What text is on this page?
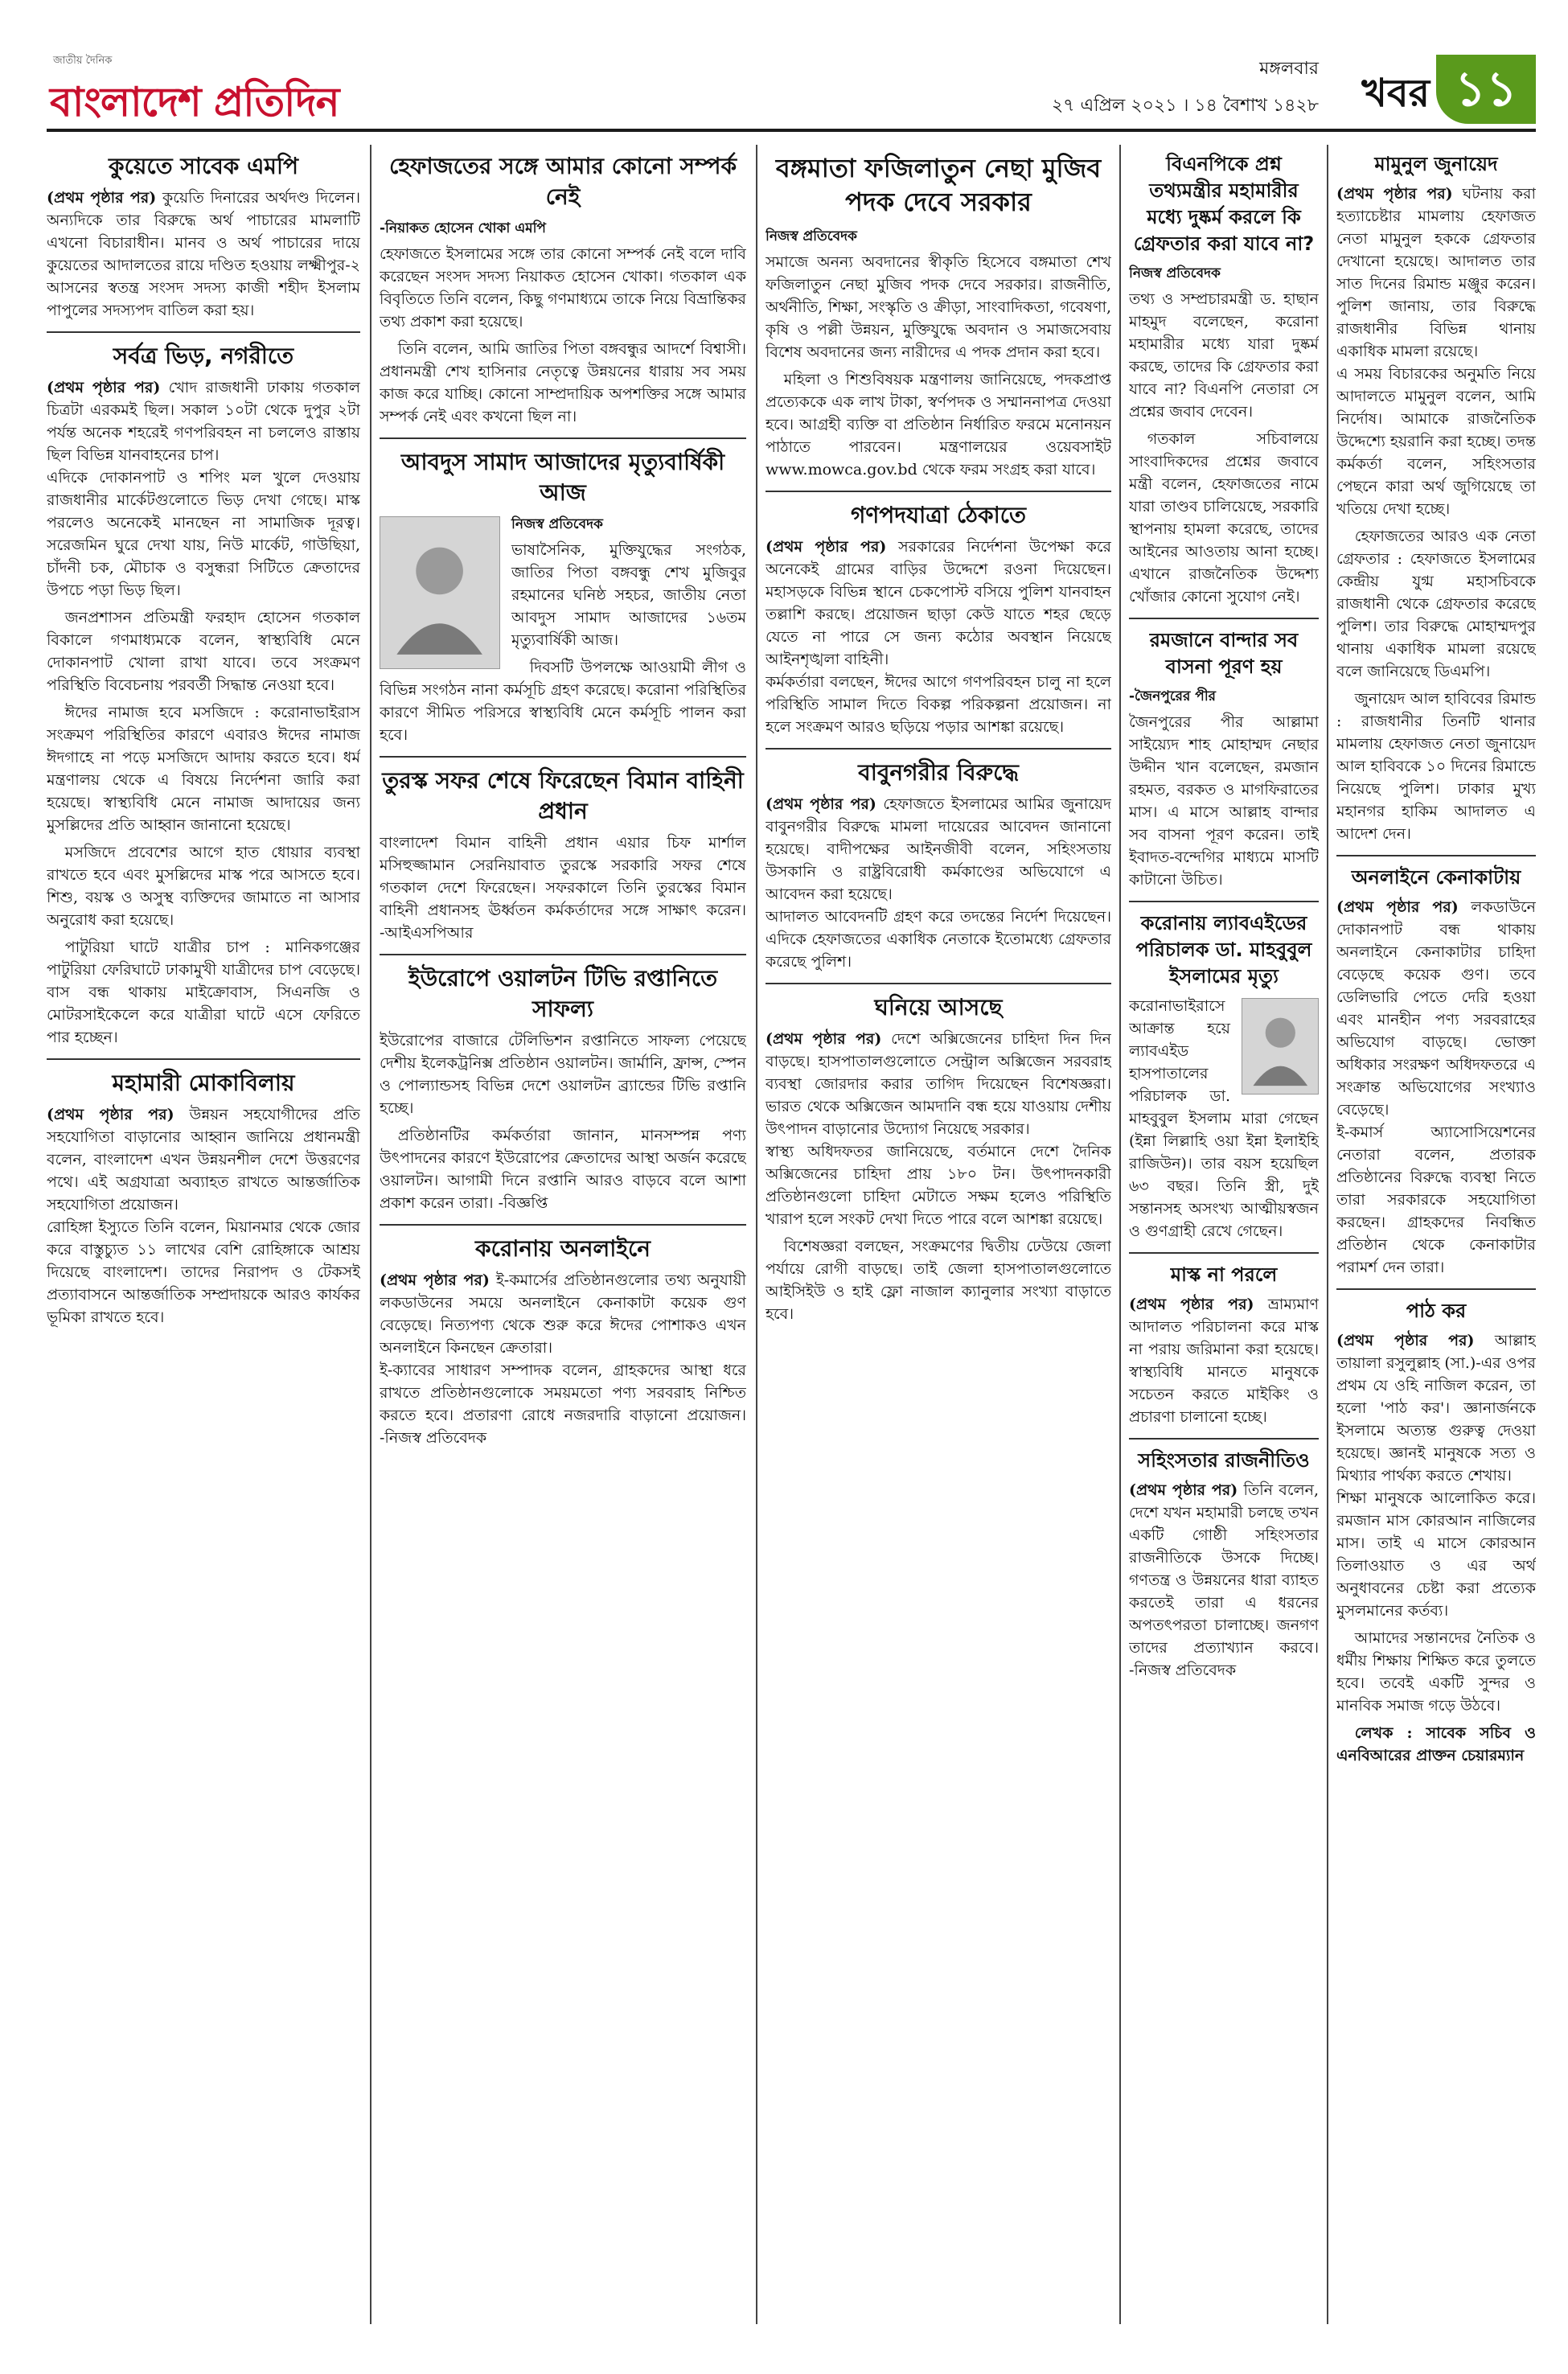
জাতীয় দৈনিক
বাংলাদেশ প্রতিদিন
মঙ্গলবার
২৭ এপ্রিল ২০২১ । ১৪ বৈশাখ ১৪২৮ খবর ১১
কুয়েতে সাবেক এমপি
(প্রথম পৃষ্ঠার পর) কুয়েতি দিনারের অর্থদণ্ড দিলেন। অন্যদিকে তার বিরুদ্ধে অর্থ পাচারের মামলাটি এখনো বিচারাধীন। মানব ও অর্থ পাচারের দায়ে কুয়েতের আদালতের রায়ে দণ্ডিত হওয়ায় লক্ষ্মীপুর-২ আসনের স্বতন্ত্র সংসদ সদস্য কাজী শহীদ ইসলাম পাপুলের সদস্যপদ বাতিল করা হয়।
সর্বত্র ভিড়, নগরীতে
(প্রথম পৃষ্ঠার পর) খোদ রাজধানী ঢাকায় গতকাল চিত্রটা এরকমই ছিল। সকাল ১০টা থেকে দুপুর ২টা পর্যন্ত অনেক শহরেই গণপরিবহন না চললেও রাস্তায় ছিল বিভিন্ন যানবাহনের চাপ।
এদিকে দোকানপাট ও শপিং মল খুলে দেওয়ায় রাজধানীর মার্কেটগুলোতে ভিড় দেখা গেছে। মাস্ক পরলেও অনেকেই মানছেন না সামাজিক দূরত্ব। সরেজমিন ঘুরে দেখা যায়, নিউ মার্কেট, গাউছিয়া, চাঁদনী চক, মৌচাক ও বসুন্ধরা সিটিতে ক্রেতাদের উপচে পড়া ভিড় ছিল।
জনপ্রশাসন প্রতিমন্ত্রী ফরহাদ হোসেন গতকাল বিকালে গণমাধ্যমকে বলেন, স্বাস্থ্যবিধি মেনে দোকানপাট খোলা রাখা যাবে। তবে সংক্রমণ পরিস্থিতি বিবেচনায় পরবর্তী সিদ্ধান্ত নেওয়া হবে।
ঈদের নামাজ হবে মসজিদে : করোনাভাইরাস সংক্রমণ পরিস্থিতির কারণে এবারও ঈদের নামাজ ঈদগাহে না পড়ে মসজিদে আদায় করতে হবে। ধর্ম মন্ত্রণালয় থেকে এ বিষয়ে নির্দেশনা জারি করা হয়েছে। স্বাস্থ্যবিধি মেনে নামাজ আদায়ের জন্য মুসল্লিদের প্রতি আহ্বান জানানো হয়েছে।
মসজিদে প্রবেশের আগে হাত ধোয়ার ব্যবস্থা রাখতে হবে এবং মুসল্লিদের মাস্ক পরে আসতে হবে। শিশু, বয়স্ক ও অসুস্থ ব্যক্তিদের জামাতে না আসার অনুরোধ করা হয়েছে।
পাটুরিয়া ঘাটে যাত্রীর চাপ : মানিকগঞ্জের পাটুরিয়া ফেরিঘাটে ঢাকামুখী যাত্রীদের চাপ বেড়েছে। বাস বন্ধ থাকায় মাইক্রোবাস, সিএনজি ও মোটরসাইকেলে করে যাত্রীরা ঘাটে এসে ফেরিতে পার হচ্ছেন।
মহামারী মোকাবিলায়
(প্রথম পৃষ্ঠার পর) উন্নয়ন সহযোগীদের প্রতি সহযোগিতা বাড়ানোর আহ্বান জানিয়ে প্রধানমন্ত্রী বলেন, বাংলাদেশ এখন উন্নয়নশীল দেশে উত্তরণের পথে। এই অগ্রযাত্রা অব্যাহত রাখতে আন্তর্জাতিক সহযোগিতা প্রয়োজন।
রোহিঙ্গা ইস্যুতে তিনি বলেন, মিয়ানমার থেকে জোর করে বাস্তুচ্যুত ১১ লাখের বেশি রোহিঙ্গাকে আশ্রয় দিয়েছে বাংলাদেশ। তাদের নিরাপদ ও টেকসই প্রত্যাবাসনে আন্তর্জাতিক সম্প্রদায়কে আরও কার্যকর ভূমিকা রাখতে হবে।
হেফাজতের সঙ্গে আমার কোনো সম্পর্ক নেই
-নিয়াকত হোসেন খোকা এমপি
হেফাজতে ইসলামের সঙ্গে তার কোনো সম্পর্ক নেই বলে দাবি করেছেন সংসদ সদস্য নিয়াকত হোসেন খোকা। গতকাল এক বিবৃতিতে তিনি বলেন, কিছু গণমাধ্যমে তাকে নিয়ে বিভ্রান্তিকর তথ্য প্রকাশ করা হয়েছে।
তিনি বলেন, আমি জাতির পিতা বঙ্গবন্ধুর আদর্শে বিশ্বাসী। প্রধানমন্ত্রী শেখ হাসিনার নেতৃত্বে উন্নয়নের ধারায় সব সময় কাজ করে যাচ্ছি। কোনো সাম্প্রদায়িক অপশক্তির সঙ্গে আমার সম্পর্ক নেই এবং কখনো ছিল না।
আবদুস সামাদ আজাদের মৃত্যুবার্ষিকী আজ
নিজস্ব প্রতিবেদক
ভাষাসৈনিক, মুক্তিযুদ্ধের সংগঠক, জাতির পিতা বঙ্গবন্ধু শেখ মুজিবুর রহমানের ঘনিষ্ঠ সহচর, জাতীয় নেতা আবদুস সামাদ আজাদের ১৬তম মৃত্যুবার্ষিকী আজ।
দিবসটি উপলক্ষে আওয়ামী লীগ ও বিভিন্ন সংগঠন নানা কর্মসূচি গ্রহণ করেছে। করোনা পরিস্থিতির কারণে সীমিত পরিসরে স্বাস্থ্যবিধি মেনে কর্মসূচি পালন করা হবে।
তুরস্ক সফর শেষে ফিরেছেন বিমান বাহিনী প্রধান
বাংলাদেশ বিমান বাহিনী প্রধান এয়ার চিফ মার্শাল মসিহুজ্জামান সেরনিয়াবাত তুরস্কে সরকারি সফর শেষে গতকাল দেশে ফিরেছেন। সফরকালে তিনি তুরস্কের বিমান বাহিনী প্রধানসহ ঊর্ধ্বতন কর্মকর্তাদের সঙ্গে সাক্ষাৎ করেন। -আইএসপিআর
ইউরোপে ওয়ালটন টিভি রপ্তানিতে সাফল্য
ইউরোপের বাজারে টেলিভিশন রপ্তানিতে সাফল্য পেয়েছে দেশীয় ইলেকট্রনিক্স প্রতিষ্ঠান ওয়ালটন। জার্মানি, ফ্রান্স, স্পেন ও পোল্যান্ডসহ বিভিন্ন দেশে ওয়ালটন ব্র্যান্ডের টিভি রপ্তানি হচ্ছে।
প্রতিষ্ঠানটির কর্মকর্তারা জানান, মানসম্পন্ন পণ্য উৎপাদনের কারণে ইউরোপের ক্রেতাদের আস্থা অর্জন করেছে ওয়ালটন। আগামী দিনে রপ্তানি আরও বাড়বে বলে আশা প্রকাশ করেন তারা। -বিজ্ঞপ্তি
করোনায় অনলাইনে
(প্রথম পৃষ্ঠার পর) ই-কমার্সের প্রতিষ্ঠানগুলোর তথ্য অনুযায়ী লকডাউনের সময়ে অনলাইনে কেনাকাটা কয়েক গুণ বেড়েছে। নিত্যপণ্য থেকে শুরু করে ঈদের পোশাকও এখন অনলাইনে কিনছেন ক্রেতারা।
ই-ক্যাবের সাধারণ সম্পাদক বলেন, গ্রাহকদের আস্থা ধরে রাখতে প্রতিষ্ঠানগুলোকে সময়মতো পণ্য সরবরাহ নিশ্চিত করতে হবে। প্রতারণা রোধে নজরদারি বাড়ানো প্রয়োজন। -নিজস্ব প্রতিবেদক
বঙ্গমাতা ফজিলাতুন নেছা মুজিব পদক দেবে সরকার
নিজস্ব প্রতিবেদক
সমাজে অনন্য অবদানের স্বীকৃতি হিসেবে বঙ্গমাতা শেখ ফজিলাতুন নেছা মুজিব পদক দেবে সরকার। রাজনীতি, অর্থনীতি, শিক্ষা, সংস্কৃতি ও ক্রীড়া, সাংবাদিকতা, গবেষণা, কৃষি ও পল্লী উন্নয়ন, মুক্তিযুদ্ধে অবদান ও সমাজসেবায় বিশেষ অবদানের জন্য নারীদের এ পদক প্রদান করা হবে।
মহিলা ও শিশুবিষয়ক মন্ত্রণালয় জানিয়েছে, পদকপ্রাপ্ত প্রত্যেককে এক লাখ টাকা, স্বর্ণপদক ও সম্মাননাপত্র দেওয়া হবে। আগ্রহী ব্যক্তি বা প্রতিষ্ঠান নির্ধারিত ফরমে মনোনয়ন পাঠাতে পারবেন। মন্ত্রণালয়ের ওয়েবসাইট www.mowca.gov.bd থেকে ফরম সংগ্রহ করা যাবে।
গণপদযাত্রা ঠেকাতে
(প্রথম পৃষ্ঠার পর) সরকারের নির্দেশনা উপেক্ষা করে অনেকেই গ্রামের বাড়ির উদ্দেশে রওনা দিয়েছেন। মহাসড়কে বিভিন্ন স্থানে চেকপোস্ট বসিয়ে পুলিশ যানবাহন তল্লাশি করছে। প্রয়োজন ছাড়া কেউ যাতে শহর ছেড়ে যেতে না পারে সে জন্য কঠোর অবস্থান নিয়েছে আইনশৃঙ্খলা বাহিনী।
কর্মকর্তারা বলছেন, ঈদের আগে গণপরিবহন চালু না হলে পরিস্থিতি সামাল দিতে বিকল্প পরিকল্পনা প্রয়োজন। না হলে সংক্রমণ আরও ছড়িয়ে পড়ার আশঙ্কা রয়েছে।
বাবুনগরীর বিরুদ্ধে
(প্রথম পৃষ্ঠার পর) হেফাজতে ইসলামের আমির জুনায়েদ বাবুনগরীর বিরুদ্ধে মামলা দায়েরের আবেদন জানানো হয়েছে। বাদীপক্ষের আইনজীবী বলেন, সহিংসতায় উসকানি ও রাষ্ট্রবিরোধী কর্মকাণ্ডের অভিযোগে এ আবেদন করা হয়েছে।
আদালত আবেদনটি গ্রহণ করে তদন্তের নির্দেশ দিয়েছেন। এদিকে হেফাজতের একাধিক নেতাকে ইতোমধ্যে গ্রেফতার করেছে পুলিশ।
ঘনিয়ে আসছে
(প্রথম পৃষ্ঠার পর) দেশে অক্সিজেনের চাহিদা দিন দিন বাড়ছে। হাসপাতালগুলোতে সেন্ট্রাল অক্সিজেন সরবরাহ ব্যবস্থা জোরদার করার তাগিদ দিয়েছেন বিশেষজ্ঞরা। ভারত থেকে অক্সিজেন আমদানি বন্ধ হয়ে যাওয়ায় দেশীয় উৎপাদন বাড়ানোর উদ্যোগ নিয়েছে সরকার।
স্বাস্থ্য অধিদফতর জানিয়েছে, বর্তমানে দেশে দৈনিক অক্সিজেনের চাহিদা প্রায় ১৮০ টন। উৎপাদনকারী প্রতিষ্ঠানগুলো চাহিদা মেটাতে সক্ষম হলেও পরিস্থিতি খারাপ হলে সংকট দেখা দিতে পারে বলে আশঙ্কা রয়েছে।
বিশেষজ্ঞরা বলছেন, সংক্রমণের দ্বিতীয় ঢেউয়ে জেলা পর্যায়ে রোগী বাড়ছে। তাই জেলা হাসপাতালগুলোতে আইসিইউ ও হাই ফ্লো নাজাল ক্যানুলার সংখ্যা বাড়াতে হবে।
বিএনপিকে প্রশ্ন তথ্যমন্ত্রীর মহামারীর মধ্যে দুষ্কর্ম করলে কি গ্রেফতার করা যাবে না?
নিজস্ব প্রতিবেদক
তথ্য ও সম্প্রচারমন্ত্রী ড. হাছান মাহমুদ বলেছেন, করোনা মহামারীর মধ্যে যারা দুষ্কর্ম করছে, তাদের কি গ্রেফতার করা যাবে না? বিএনপি নেতারা সে প্রশ্নের জবাব দেবেন।
গতকাল সচিবালয়ে সাংবাদিকদের প্রশ্নের জবাবে মন্ত্রী বলেন, হেফাজতের নামে যারা তাণ্ডব চালিয়েছে, সরকারি স্থাপনায় হামলা করেছে, তাদের আইনের আওতায় আনা হচ্ছে। এখানে রাজনৈতিক উদ্দেশ্য খোঁজার কোনো সুযোগ নেই।
রমজানে বান্দার সব বাসনা পূরণ হয়
-জৈনপুরের পীর
জৈনপুরের পীর আল্লামা সাইয়্যেদ শাহ মোহাম্মদ নেছার উদ্দীন খান বলেছেন, রমজান রহমত, বরকত ও মাগফিরাতের মাস। এ মাসে আল্লাহ বান্দার সব বাসনা পূরণ করেন। তাই ইবাদত-বন্দেগির মাধ্যমে মাসটি কাটানো উচিত।
করোনায় ল্যাবএইডের পরিচালক ডা. মাহবুবুল ইসলামের মৃত্যু
করোনাভাইরাসে আক্রান্ত হয়ে ল্যাবএইড হাসপাতালের পরিচালক ডা. মাহবুবুল ইসলাম মারা গেছেন (ইন্না লিল্লাহি ওয়া ইন্না ইলাইহি রাজিউন)। তার বয়স হয়েছিল ৬৩ বছর। তিনি স্ত্রী, দুই সন্তানসহ অসংখ্য আত্মীয়স্বজন ও গুণগ্রাহী রেখে গেছেন।
মাস্ক না পরলে
(প্রথম পৃষ্ঠার পর) ভ্রাম্যমাণ আদালত পরিচালনা করে মাস্ক না পরায় জরিমানা করা হয়েছে। স্বাস্থ্যবিধি মানতে মানুষকে সচেতন করতে মাইকিং ও প্রচারণা চালানো হচ্ছে।
সহিংসতার রাজনীতিও
(প্রথম পৃষ্ঠার পর) তিনি বলেন, দেশে যখন মহামারী চলছে তখন একটি গোষ্ঠী সহিংসতার রাজনীতিকে উসকে দিচ্ছে। গণতন্ত্র ও উন্নয়নের ধারা ব্যাহত করতেই তারা এ ধরনের অপতৎপরতা চালাচ্ছে। জনগণ তাদের প্রত্যাখ্যান করবে। -নিজস্ব প্রতিবেদক
মামুনুল জুনায়েদ
(প্রথম পৃষ্ঠার পর) ঘটনায় করা হত্যাচেষ্টার মামলায় হেফাজত নেতা মামুনুল হককে গ্রেফতার দেখানো হয়েছে। আদালত তার সাত দিনের রিমান্ড মঞ্জুর করেন। পুলিশ জানায়, তার বিরুদ্ধে রাজধানীর বিভিন্ন থানায় একাধিক মামলা রয়েছে।
এ সময় বিচারকের অনুমতি নিয়ে আদালতে মামুনুল বলেন, আমি নির্দোষ। আমাকে রাজনৈতিক উদ্দেশ্যে হয়রানি করা হচ্ছে। তদন্ত কর্মকর্তা বলেন, সহিংসতার পেছনে কারা অর্থ জুগিয়েছে তা খতিয়ে দেখা হচ্ছে।
হেফাজতের আরও এক নেতা গ্রেফতার : হেফাজতে ইসলামের কেন্দ্রীয় যুগ্ম মহাসচিবকে রাজধানী থেকে গ্রেফতার করেছে পুলিশ। তার বিরুদ্ধে মোহাম্মদপুর থানায় একাধিক মামলা রয়েছে বলে জানিয়েছে ডিএমপি।
জুনায়েদ আল হাবিবের রিমান্ড : রাজধানীর তিনটি থানার মামলায় হেফাজত নেতা জুনায়েদ আল হাবিবকে ১০ দিনের রিমান্ডে নিয়েছে পুলিশ। ঢাকার মুখ্য মহানগর হাকিম আদালত এ আদেশ দেন।
অনলাইনে কেনাকাটায়
(প্রথম পৃষ্ঠার পর) লকডাউনে দোকানপাট বন্ধ থাকায় অনলাইনে কেনাকাটার চাহিদা বেড়েছে কয়েক গুণ। তবে ডেলিভারি পেতে দেরি হওয়া এবং মানহীন পণ্য সরবরাহের অভিযোগ বাড়ছে। ভোক্তা অধিকার সংরক্ষণ অধিদফতরে এ সংক্রান্ত অভিযোগের সংখ্যাও বেড়েছে।
ই-কমার্স অ্যাসোসিয়েশনের নেতারা বলেন, প্রতারক প্রতিষ্ঠানের বিরুদ্ধে ব্যবস্থা নিতে তারা সরকারকে সহযোগিতা করছেন। গ্রাহকদের নিবন্ধিত প্রতিষ্ঠান থেকে কেনাকাটার পরামর্শ দেন তারা।
পাঠ কর
(প্রথম পৃষ্ঠার পর) আল্লাহ তায়ালা রসুলুল্লাহ (সা.)-এর ওপর প্রথম যে ওহি নাজিল করেন, তা হলো 'পাঠ কর'। জ্ঞানার্জনকে ইসলামে অত্যন্ত গুরুত্ব দেওয়া হয়েছে। জ্ঞানই মানুষকে সত্য ও মিথ্যার পার্থক্য করতে শেখায়।
শিক্ষা মানুষকে আলোকিত করে। রমজান মাস কোরআন নাজিলের মাস। তাই এ মাসে কোরআন তিলাওয়াত ও এর অর্থ অনুধাবনের চেষ্টা করা প্রত্যেক মুসলমানের কর্তব্য।
আমাদের সন্তানদের নৈতিক ও ধর্মীয় শিক্ষায় শিক্ষিত করে তুলতে হবে। তবেই একটি সুন্দর ও মানবিক সমাজ গড়ে উঠবে।
লেখক : সাবেক সচিব ও এনবিআরের প্রাক্তন চেয়ারম্যান
